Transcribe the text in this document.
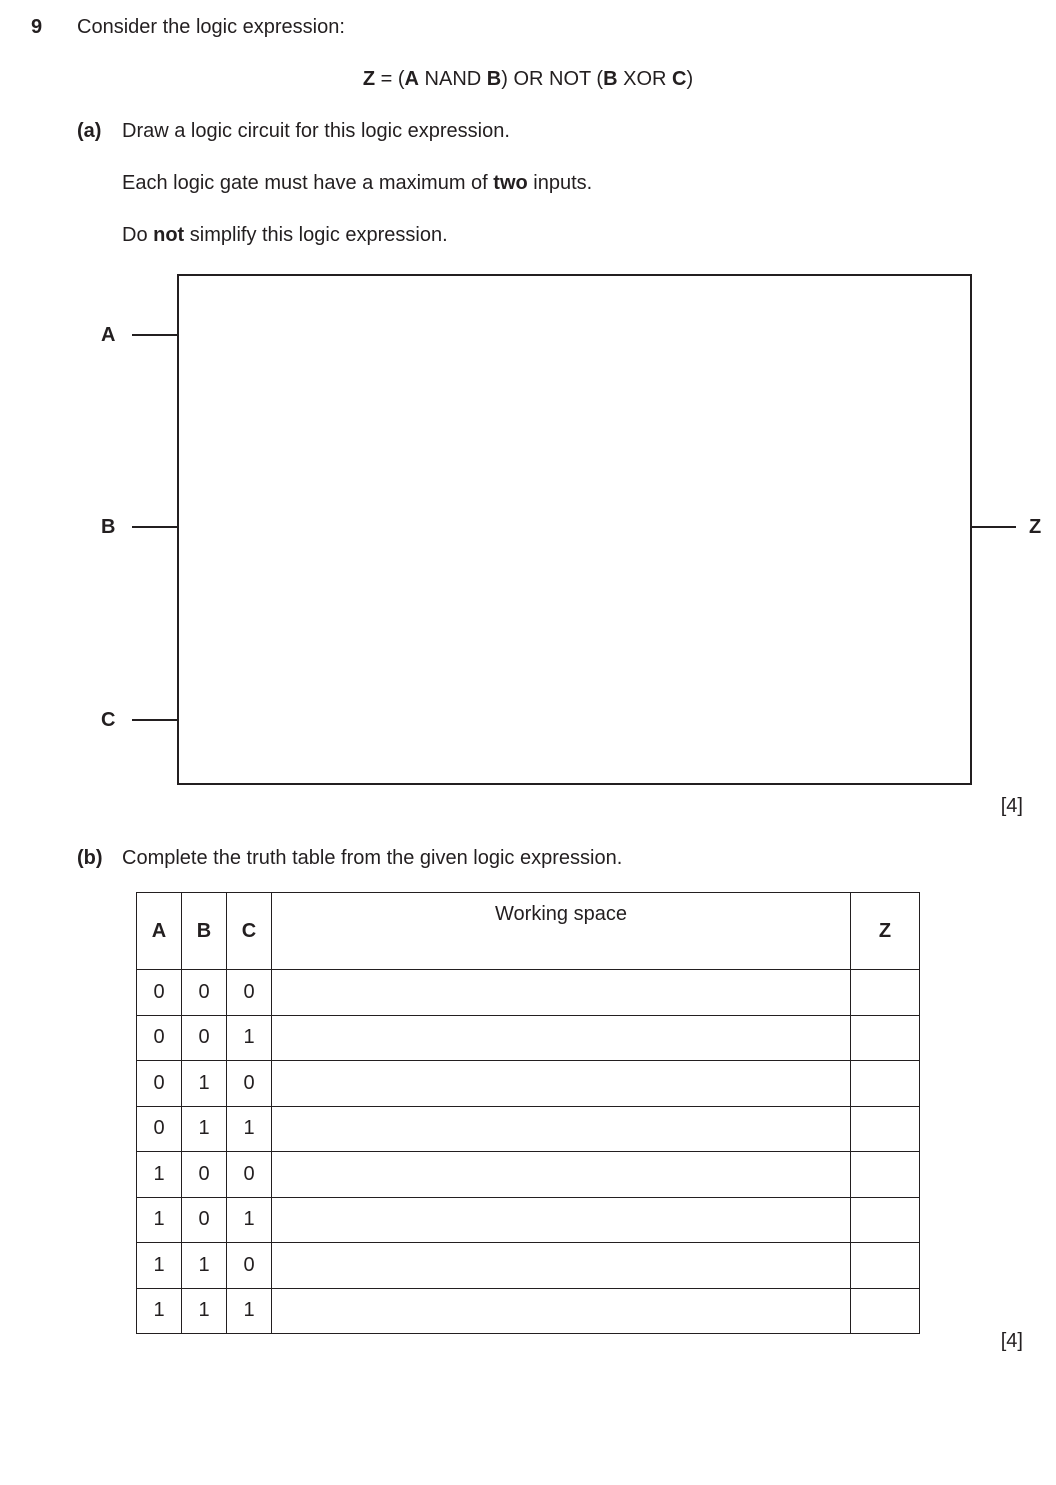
9 Consider the logic expression:
Z = (A NAND B) OR NOT (B XOR C)
(a) Draw a logic circuit for this logic expression.
Each logic gate must have a maximum of two inputs.
Do not simplify this logic expression.
A
B
C
Z
[4]
(b) Complete the truth table from the given logic expression.
A	B	C	Working space	Z
0	0	0		
0	0	1		
0	1	0		
0	1	1		
1	0	0		
1	0	1		
1	1	0		
1	1	1		
[4]
